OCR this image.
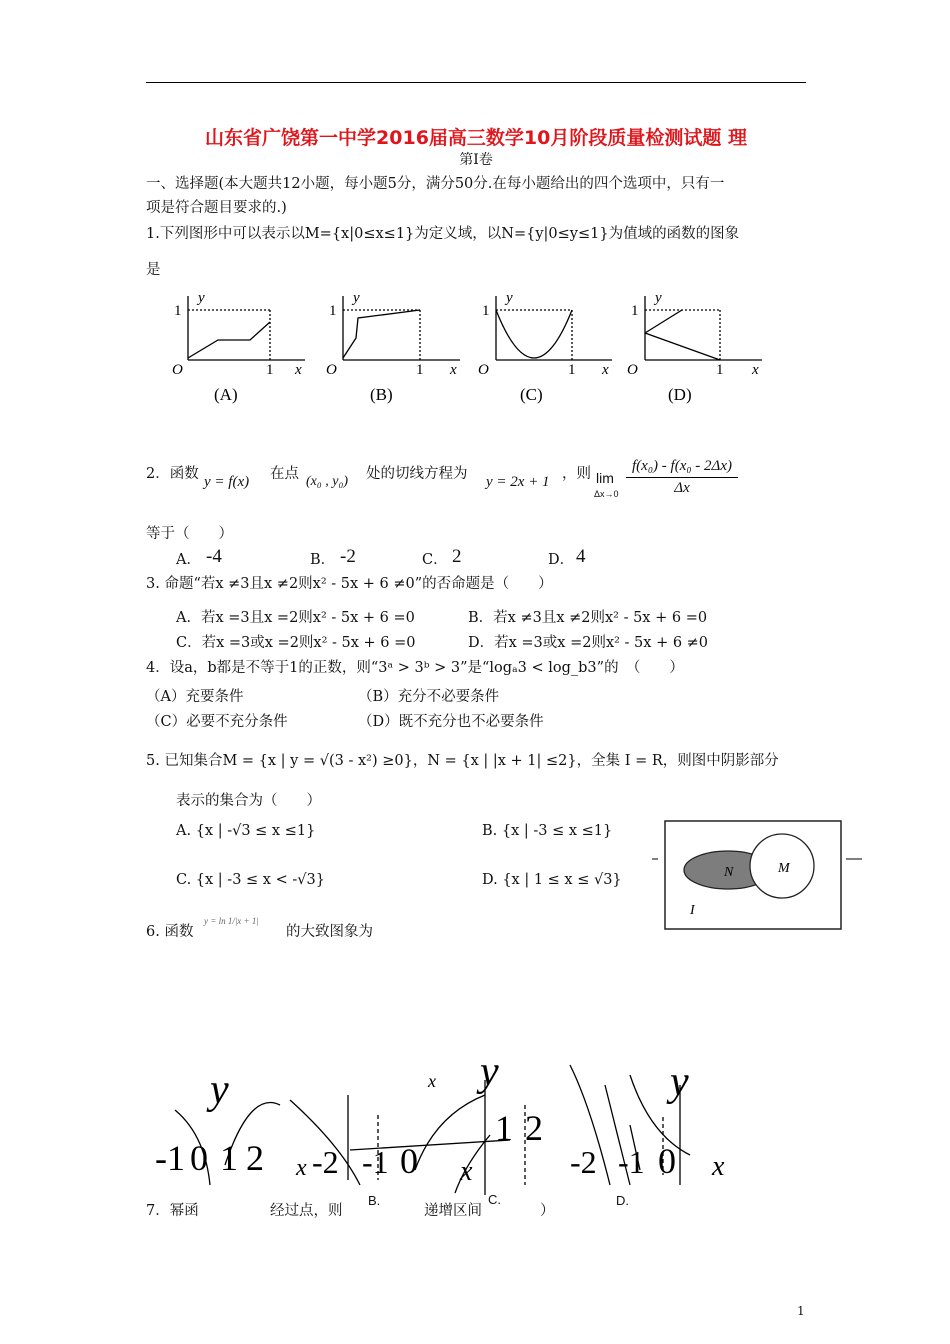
山东省广饶第一中学2016届高三数学10月阶段质量检测试题 理
第Ⅰ卷
一、选择题(本大题共12小题，每小题5分，满分50分.在每小题给出的四个选项中，只有一
项是符合题目要求的.)
1.下列图形中可以表示以M={x|0≤x≤1}为定义域，以N={y|0≤y≤1}为值域的函数的图象
是
y
1
O	1 x
(A)
y
1
O	1 x
(B)
y
1
O	1 x
(C)
y
1
O	1 x
(D)
2．函数 y = f(x) 在点 (x₀ , y₀) 处的切线方程为 y = 2x + 1 ，则 lim
$\Delta x\to 0 \frac{\text{f(x₀) - f(x₀ - 2Δx)}}{\Delta x}$
等于（　　）
A． -4	B． -2	C． 2	D． 4
3. 命题“若x ≠3且x ≠2则x² - 5x + 6 ≠0”的否命题是（　　）
A．若x =3且x =2则x² - 5x + 6 =0	B．若x ≠3且x ≠2则x² - 5x + 6 =0
C．若x =3或x =2则x² - 5x + 6 =0	D．若x =3或x =2则x² - 5x + 6 ≠0
4．设a，b都是不等于1的正数，则“3ᵃ > 3ᵇ > 3”是“logₐ3 < log_b3”的　（　　）
（A）充要条件	（B）充分不必要条件
（C）必要不充分条件	（D）既不充分也不必要条件
5. 已知集合M = {x | y = √(3 - x²) ≥0}，N = {x | |x + 1| ≤2}，全集 I = R，则图中阴影部分
表示的集合为（　　）
A. {x | -√3 ≤ x ≤1}	B. {x | -3 ≤ x ≤1}
C. {x | -3 ≤ x < -√3}	D. {x | 1 ≤ x ≤ √3}	N	M
I
6. 函数
y = ln 1/|x + 1|
的大致图象为
y
-1 0 1 2 x -2 -1 0
x y
1 2
x
y
-2 -1 0 x
7．幂函	经过点，则	递增区间	）
B.	C.	D.
1
